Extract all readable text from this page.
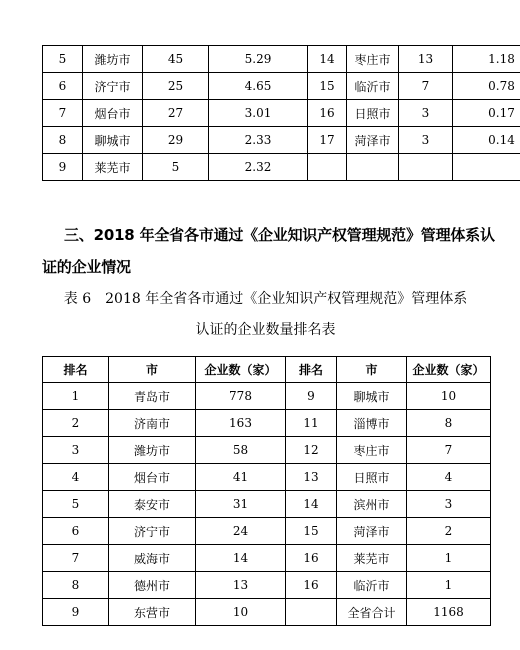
5	潍坊市	45	5.29	14	枣庄市	13	1.18
6	济宁市	25	4.65	15	临沂市	7	0.78
7	烟台市	27	3.01	16	日照市	3	0.17
8	聊城市	29	2.33	17	菏泽市	3	0.14
9	莱芜市	5	2.32				
三、2018 年全省各市通过《企业知识产权管理规范》管理体系认证的企业情况
表 6　2018 年全省各市通过《企业知识产权管理规范》管理体系
认证的企业数量排名表
排名	市	企业数（家）	排名	市	企业数（家）
1	青岛市	778	9	聊城市	10
2	济南市	163	11	淄博市	8
3	潍坊市	58	12	枣庄市	7
4	烟台市	41	13	日照市	4
5	泰安市	31	14	滨州市	3
6	济宁市	24	15	菏泽市	2
7	威海市	14	16	莱芜市	1
8	德州市	13	16	临沂市	1
9	东营市	10		全省合计	1168
